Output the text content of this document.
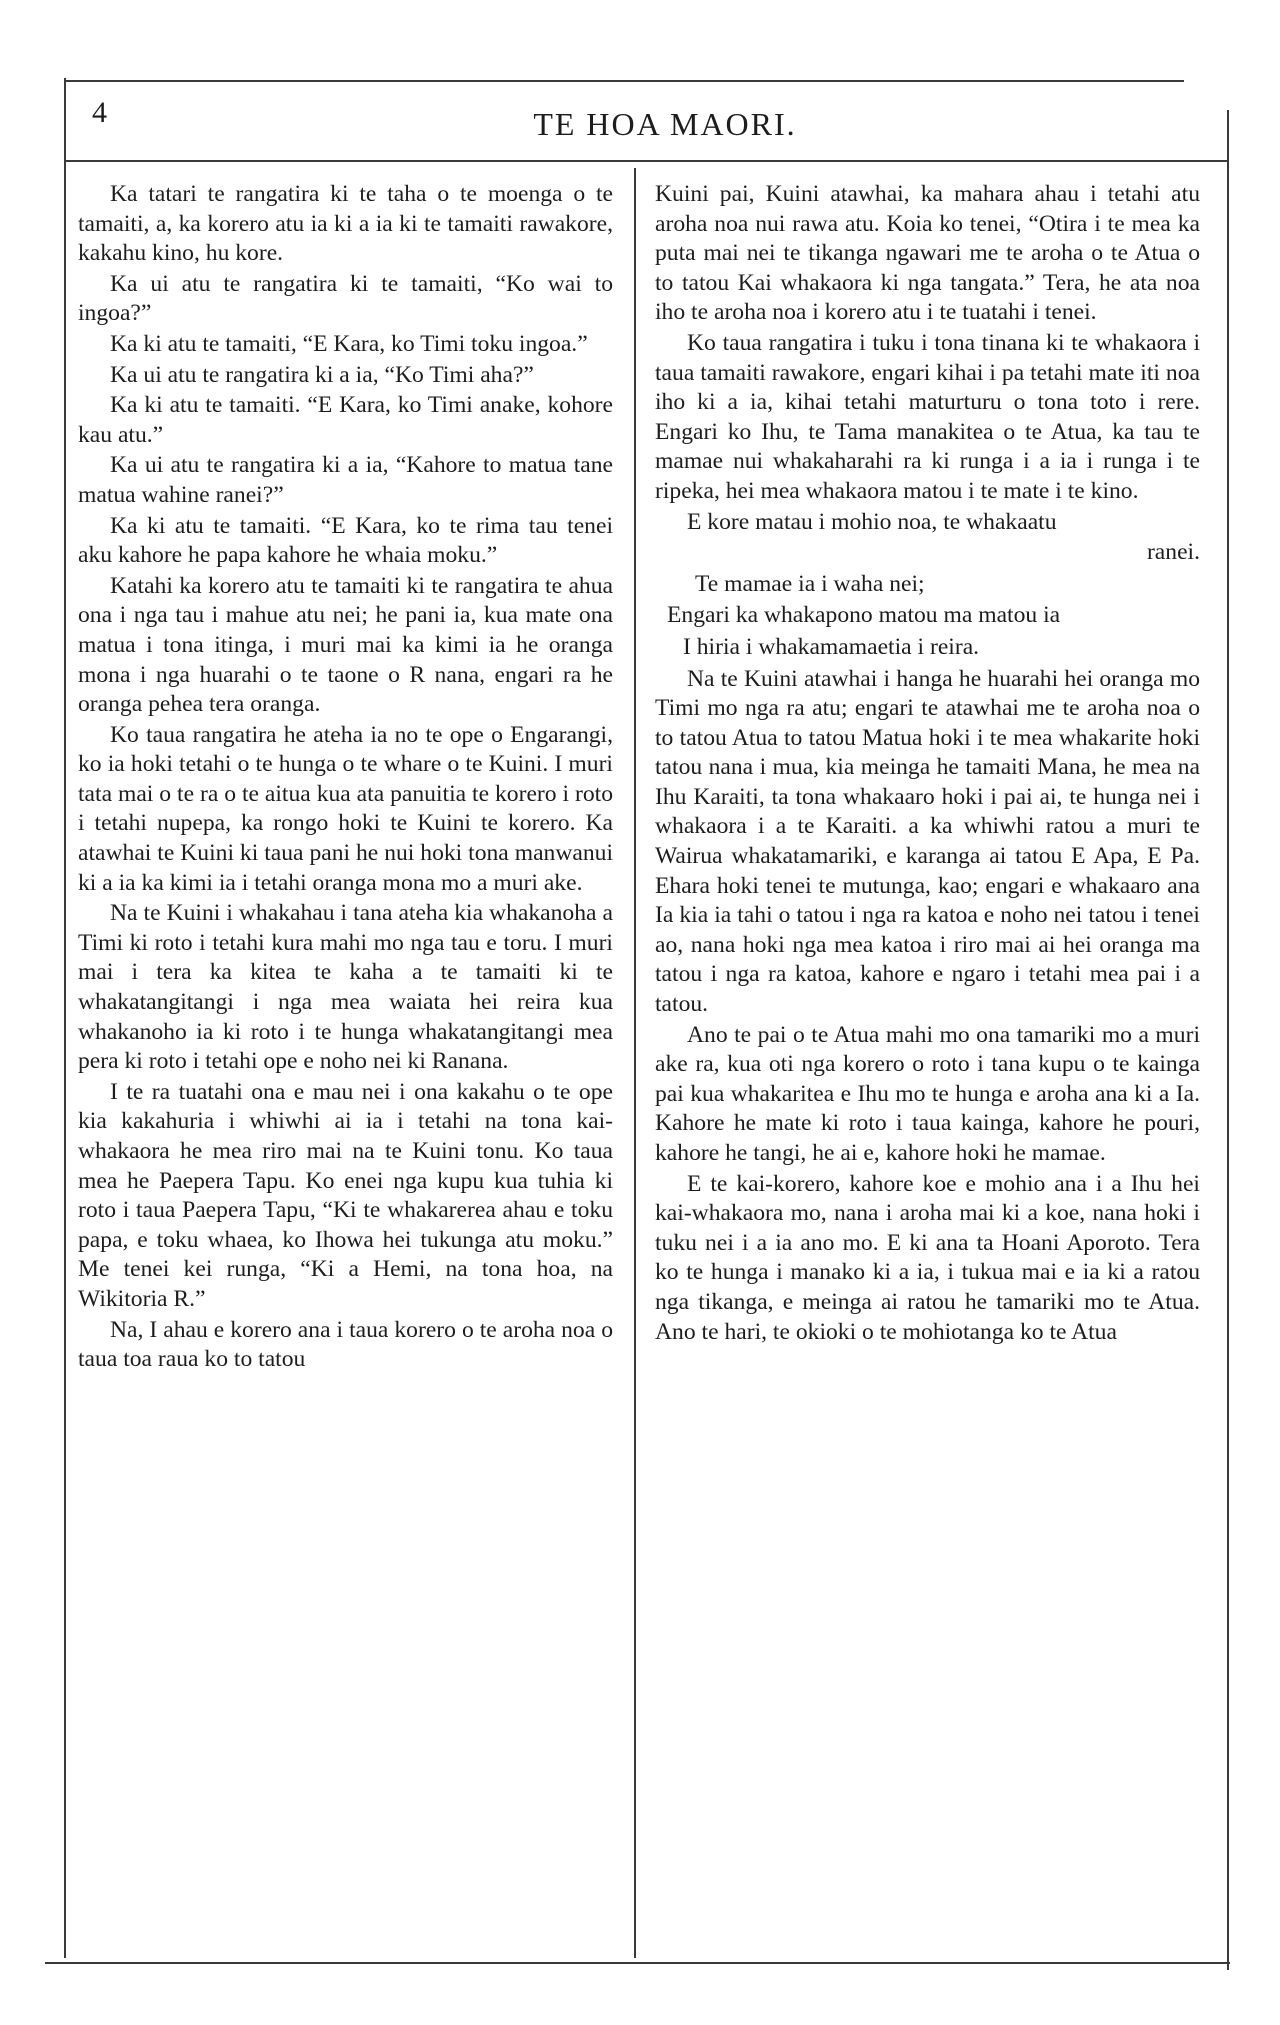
4	TE HOA MAORI.

Ka tatari te rangatira ki te taha o te moenga o te tamaiti, a, ka korero atu ia ki a ia ki te tamaiti rawakore, kakahu kino, hu kore.

Ka ui atu te rangatira ki te tamaiti, “Ko wai to ingoa?”

Ka ki atu te tamaiti, “E Kara, ko Timi toku ingoa.”

Ka ui atu te rangatira ki a ia, “Ko Timi aha?”

Ka ki atu te tamaiti. “E Kara, ko Timi anake, kohore kau atu.”

Ka ui atu te rangatira ki a ia, “Kahore to matua tane matua wahine ranei?”

Ka ki atu te tamaiti. “E Kara, ko te rima tau tenei aku kahore he papa kahore he whaia moku.”

Katahi ka korero atu te tamaiti ki te rangatira te ahua ona i nga tau i mahue atu nei; he pani ia, kua mate ona matua i tona itinga, i muri mai ka kimi ia he oranga mona i nga huarahi o te taone o R nana, engari ra he oranga pehea tera oranga.

Ko taua rangatira he ateha ia no te ope o Engarangi, ko ia hoki tetahi o te hunga o te whare o te Kuini. I muri tata mai o te ra o te aitua kua ata panuitia te korero i roto i tetahi nupepa, ka rongo hoki te Kuini te korero. Ka atawhai te Kuini ki taua pani he nui hoki tona manwanui ki a ia ka kimi ia i tetahi oranga mona mo a muri ake.

Na te Kuini i whakahau i tana ateha kia whakanoha a Timi ki roto i tetahi kura mahi mo nga tau e toru. I muri mai i tera ka kitea te kaha a te tamaiti ki te whakatangitangi i nga mea waiata hei reira kua whakanoho ia ki roto i te hunga whakatangitangi mea pera ki roto i tetahi ope e noho nei ki Ranana.

I te ra tuatahi ona e mau nei i ona kakahu o te ope kia kakahuria i whiwhi ai ia i tetahi na tona kai-whakaora he mea riro mai na te Kuini tonu. Ko taua mea he Paepera Tapu. Ko enei nga kupu kua tuhia ki roto i taua Paepera Tapu, “Ki te whakarerea ahau e toku papa, e toku whaea, ko Ihowa hei tukunga atu moku.” Me tenei kei runga, “Ki a Hemi, na tona hoa, na Wikitoria R.”

Na, I ahau e korero ana i taua korero o te aroha noa o taua toa raua ko to tatou

Kuini pai, Kuini atawhai, ka mahara ahau i tetahi atu aroha noa nui rawa atu. Koia ko tenei, “Otira i te mea ka puta mai nei te tikanga ngawari me te aroha o te Atua o to tatou Kai whakaora ki nga tangata.” Tera, he ata noa iho te aroha noa i korero atu i te tuatahi i tenei.

Ko taua rangatira i tuku i tona tinana ki te whakaora i taua tamaiti rawakore, engari kihai i pa tetahi mate iti noa iho ki a ia, kihai tetahi maturturu o tona toto i rere. Engari ko Ihu, te Tama manakitea o te Atua, ka tau te mamae nui whakaharahi ra ki runga i a ia i runga i te ripeka, hei mea whakaora matou i te mate i te kino.

E kore matau i mohio noa, te whakaatu

ranei.

Te mamae ia i waha nei;

Engari ka whakapono matou ma matou ia

I hiria i whakamamaetia i reira.

Na te Kuini atawhai i hanga he huarahi hei oranga mo Timi mo nga ra atu; engari te atawhai me te aroha noa o to tatou Atua to tatou Matua hoki i te mea whakarite hoki tatou nana i mua, kia meinga he tamaiti Mana, he mea na Ihu Karaiti, ta tona whakaaro hoki i pai ai, te hunga nei i whakaora i a te Karaiti. a ka whiwhi ratou a muri te Wairua whakatamariki, e karanga ai tatou E Apa, E Pa. Ehara hoki tenei te mutunga, kao; engari e whakaaro ana Ia kia ia tahi o tatou i nga ra katoa e noho nei tatou i tenei ao, nana hoki nga mea katoa i riro mai ai hei oranga ma tatou i nga ra katoa, kahore e ngaro i tetahi mea pai i a tatou.

Ano te pai o te Atua mahi mo ona tamariki mo a muri ake ra, kua oti nga korero o roto i tana kupu o te kainga pai kua whakaritea e Ihu mo te hunga e aroha ana ki a Ia. Kahore he mate ki roto i taua kainga, kahore he pouri, kahore he tangi, he ai e, kahore hoki he mamae.

E te kai-korero, kahore koe e mohio ana i a Ihu hei kai-whakaora mo, nana i aroha mai ki a koe, nana hoki i tuku nei i a ia ano mo. E ki ana ta Hoani Aporoto. Tera ko te hunga i manako ki a ia, i tukua mai e ia ki a ratou nga tikanga, e meinga ai ratou he tamariki mo te Atua. Ano te hari, te okioki o te mohiotanga ko te Atua
